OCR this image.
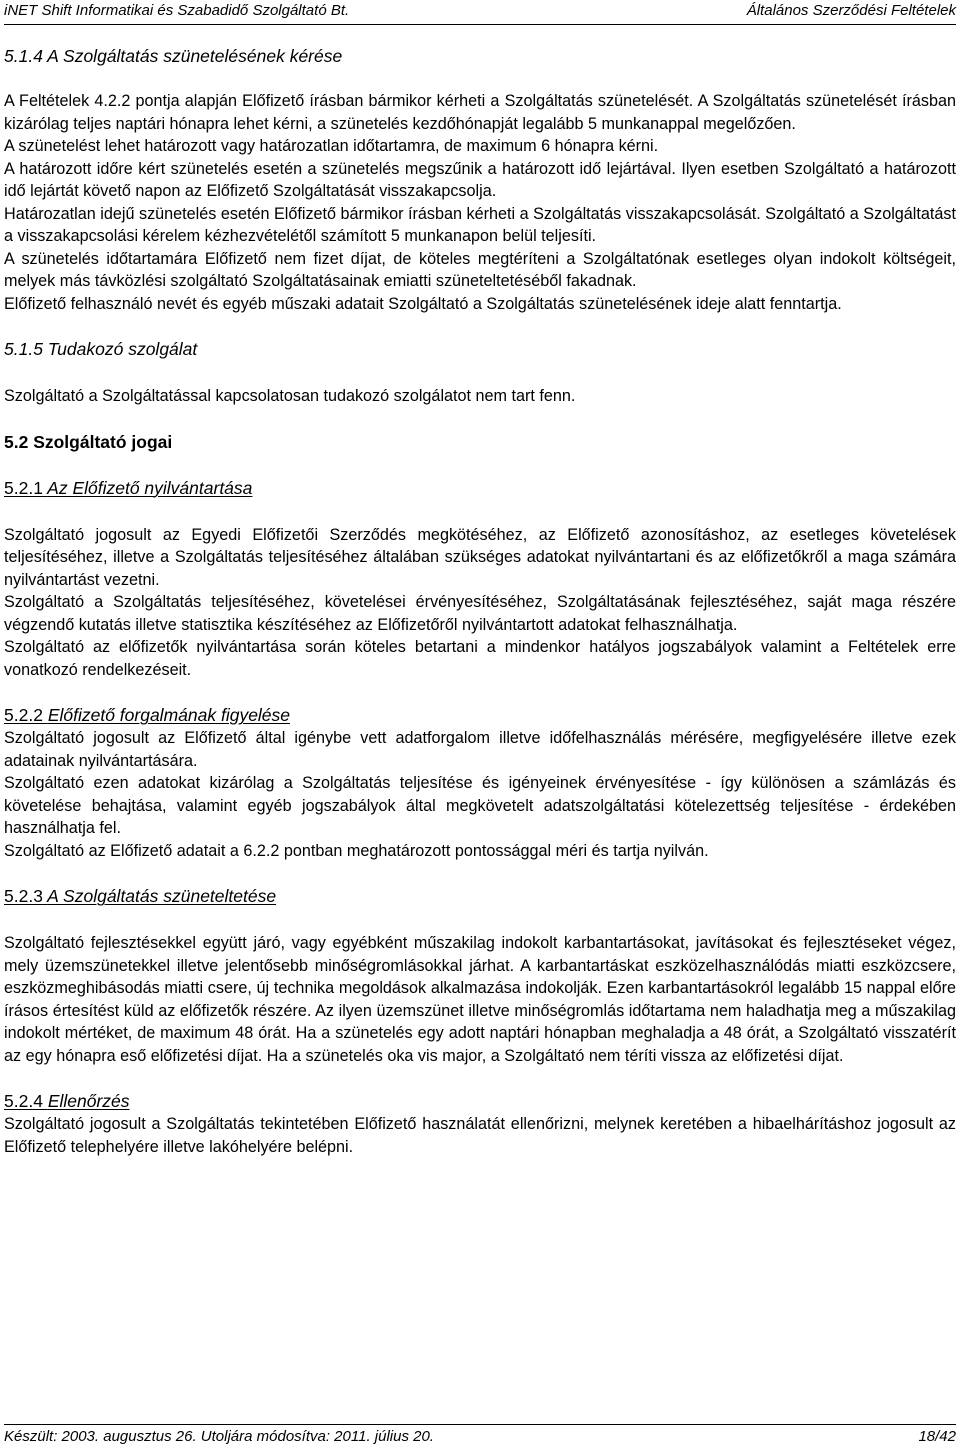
iNET Shift Informatikai és Szabadidő Szolgáltató Bt.	Általános Szerződési Feltételek
5.1.4 A Szolgáltatás szünetelésének kérése

A Feltételek 4.2.2 pontja alapján Előfizető írásban bármikor kérheti a Szolgáltatás szünetelését. A Szolgáltatás szünetelését írásban kizárólag teljes naptári hónapra lehet kérni, a szünetelés kezdőhónapját legalább 5 munkanappal megelőzően.

A szünetelést lehet határozott vagy határozatlan időtartamra, de maximum 6 hónapra kérni.

A határozott időre kért szünetelés esetén a szünetelés megszűnik a határozott idő lejártával. Ilyen esetben Szolgáltató a határozott idő lejártát követő napon az Előfizető Szolgáltatását visszakapcsolja.

Határozatlan idejű szünetelés esetén Előfizető bármikor írásban kérheti a Szolgáltatás visszakapcsolását. Szolgáltató a Szolgáltatást a visszakapcsolási kérelem kézhezvételétől számított 5 munkanapon belül teljesíti.

A szünetelés időtartamára Előfizető nem fizet díjat, de köteles megtéríteni a Szolgáltatónak esetleges olyan indokolt költségeit, melyek más távközlési szolgáltató Szolgáltatásainak emiatti szüneteltetéséből fakadnak.

Előfizető felhasználó nevét és egyéb műszaki adatait Szolgáltató a Szolgáltatás szünetelésének ideje alatt fenntartja.

5.1.5 Tudakozó szolgálat

Szolgáltató a Szolgáltatással kapcsolatosan tudakozó szolgálatot nem tart fenn.

5.2 Szolgáltató jogai
5.2.1 Az Előfizető nyilvántartása

Szolgáltató jogosult az Egyedi Előfizetői Szerződés megkötéséhez, az Előfizető azonosításhoz, az esetleges követelések teljesítéséhez, illetve a Szolgáltatás teljesítéséhez általában szükséges adatokat nyilvántartani és az előfizetőkről a maga számára nyilvántartást vezetni.

Szolgáltató a Szolgáltatás teljesítéséhez, követelései érvényesítéséhez, Szolgáltatásának fejlesztéséhez, saját maga részére végzendő kutatás illetve statisztika készítéséhez az Előfizetőről nyilvántartott adatokat felhasználhatja.

Szolgáltató az előfizetők nyilvántartása során köteles betartani a mindenkor hatályos jogszabályok valamint a Feltételek erre vonatkozó rendelkezéseit.

5.2.2 Előfizető forgalmának figyelése

Szolgáltató jogosult az Előfizető által igénybe vett adatforgalom illetve időfelhasználás mérésére, megfigyelésére illetve ezek adatainak nyilvántartására.

Szolgáltató ezen adatokat kizárólag a Szolgáltatás teljesítése és igényeinek érvényesítése - így különösen a számlázás és követelése behajtása, valamint egyéb jogszabályok által megkövetelt adatszolgáltatási kötelezettség teljesítése - érdekében használhatja fel.

Szolgáltató az Előfizető adatait a 6.2.2 pontban meghatározott pontossággal méri és tartja nyilván.

5.2.3 A Szolgáltatás szüneteltetése

Szolgáltató fejlesztésekkel együtt járó, vagy egyébként műszakilag indokolt karbantartásokat, javításokat és fejlesztéseket végez, mely üzemszünetekkel illetve jelentősebb minőségromlásokkal járhat. A karbantartáskat eszközelhasználódás miatti eszközcsere, eszközmeghibásodás miatti csere, új technika megoldások alkalmazása indokolják. Ezen karbantartásokról legalább 15 nappal előre írásos értesítést küld az előfizetők részére. Az ilyen üzemszünet illetve minőségromlás időtartama nem haladhatja meg a műszakilag indokolt mértéket, de maximum 48 órát. Ha a szünetelés egy adott naptári hónapban meghaladja a 48 órát, a Szolgáltató visszatérít az egy hónapra eső előfizetési díjat. Ha a szünetelés oka vis major, a Szolgáltató nem téríti vissza az előfizetési díjat.

5.2.4 Ellenőrzés

Szolgáltató jogosult a Szolgáltatás tekintetében Előfizető használatát ellenőrizni, melynek keretében a hibaelhárításhoz jogosult az Előfizető telephelyére illetve lakóhelyére belépni.

Készült: 2003. augusztus 26. Utoljára módosítva: 2011. július 20.	18/42
